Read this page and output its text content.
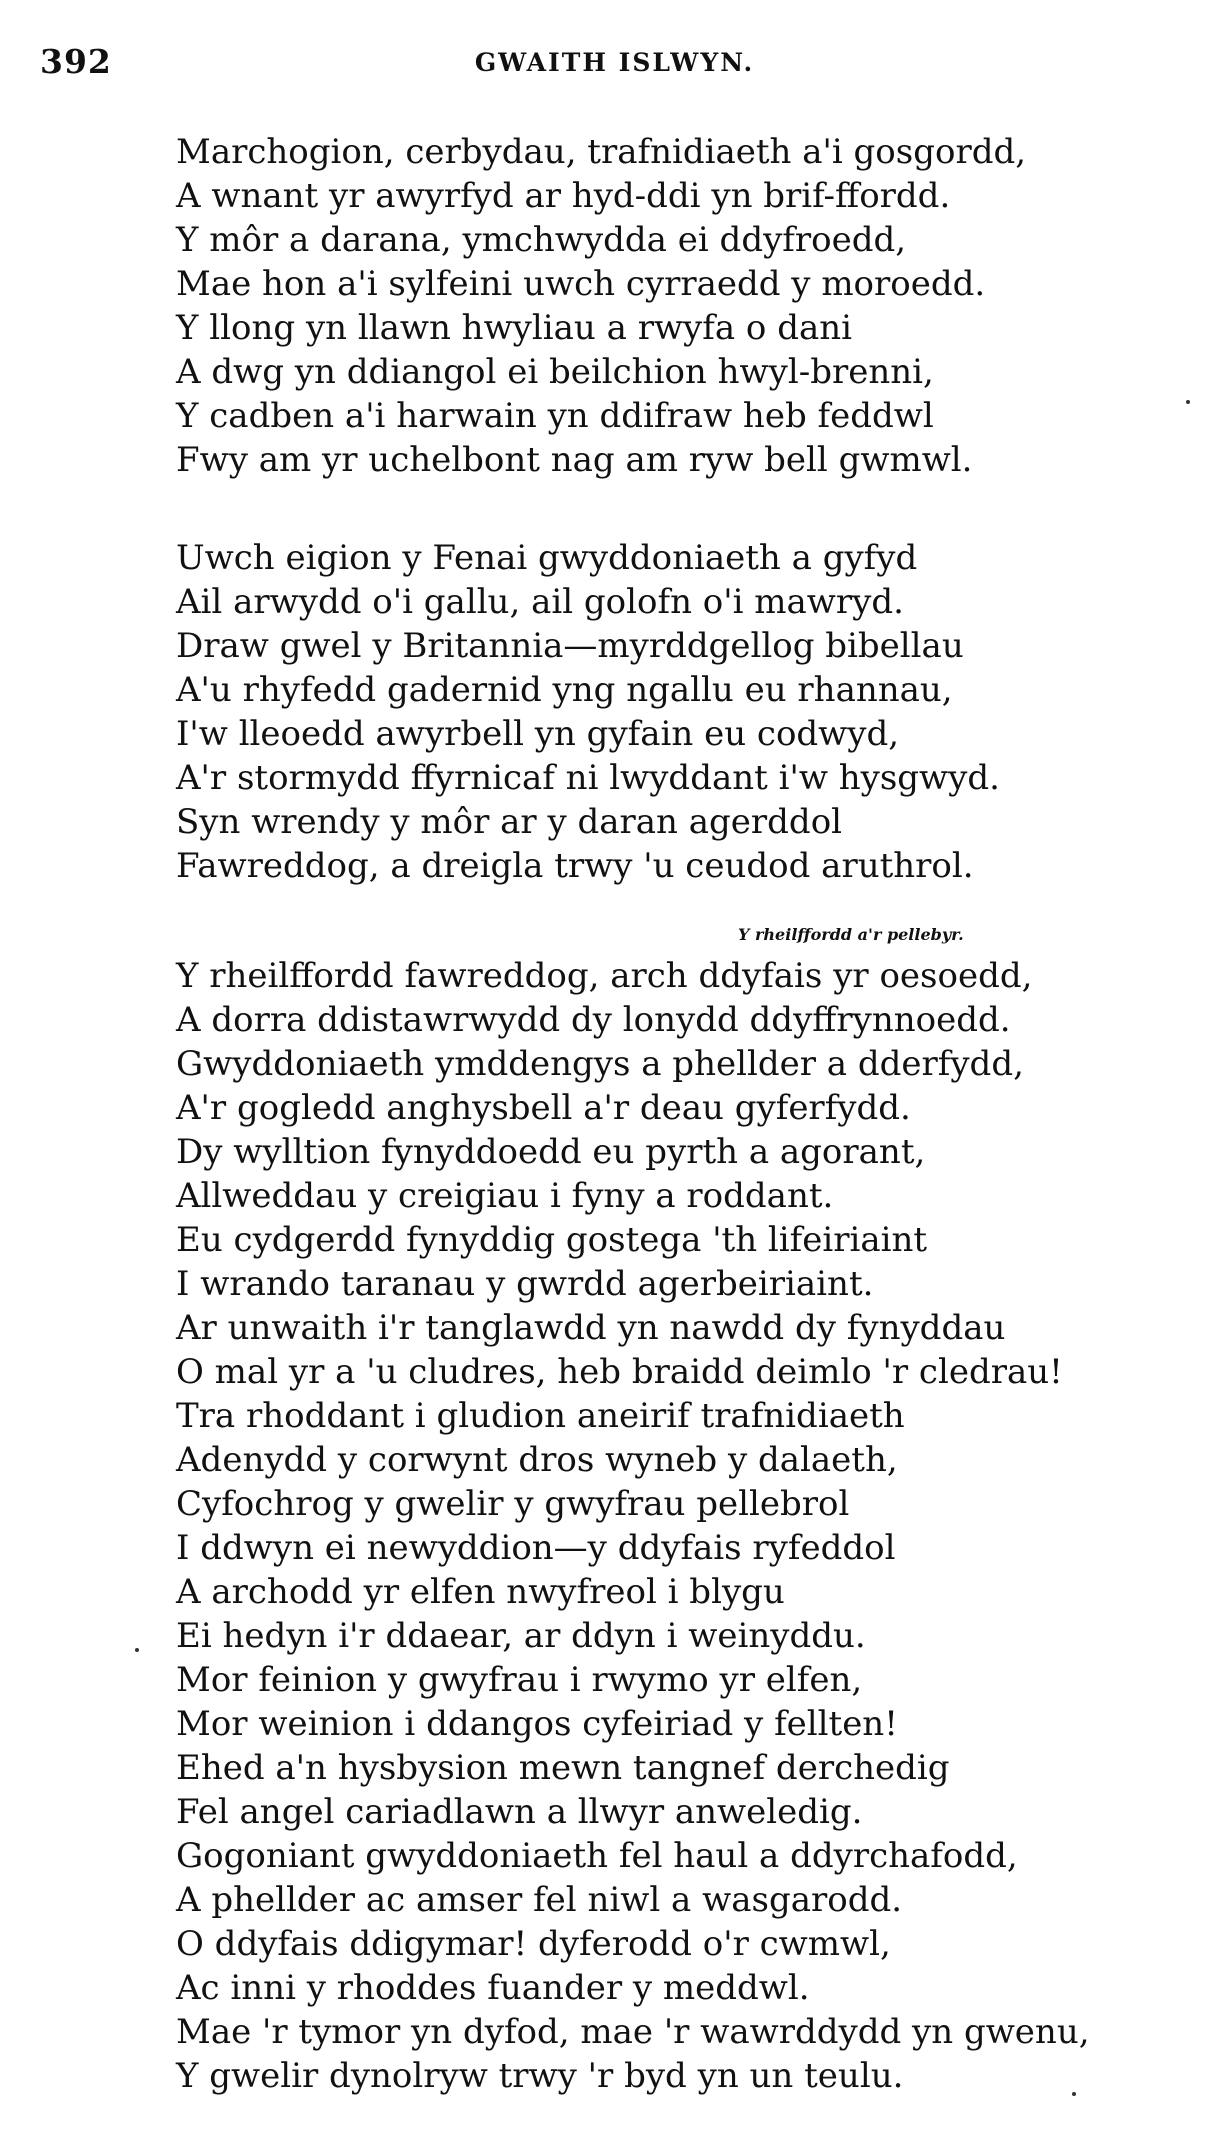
392	GWAITH ISLWYN.
Marchogion, cerbydau, trafnidiaeth a'i gosgordd,
A wnant yr awyrfyd ar hyd-ddi yn brif-ffordd.
Y môr a darana, ymchwydda ei ddyfroedd,
Mae hon a'i sylfeini uwch cyrraedd y moroedd.
Y llong yn llawn hwyliau a rwyfa o dani
A dwg yn ddiangol ei beilchion hwyl-brenni,
Y cadben a'i harwain yn ddifraw heb feddwl
Fwy am yr uchelbont nag am ryw bell gwmwl.
Uwch eigion y Fenai gwyddoniaeth a gyfyd
Ail arwydd o'i gallu, ail golofn o'i mawryd.
Draw gwel y Britannia—myrddgellog bibellau
A'u rhyfedd gadernid yng ngallu eu rhannau,
I'w lleoedd awyrbell yn gyfain eu codwyd,
A'r stormydd ffyrnicaf ni lwyddant i'w hysgwyd.
Syn wrendy y môr ar y daran agerddol
Fawreddog, a dreigla trwy 'u ceudod aruthrol.
Y rheilffordd a'r pellebyr.
Y rheilffordd fawreddog, arch ddyfais yr oesoedd,
A dorra ddistawrwydd dy lonydd ddyffrynnoedd.
Gwyddoniaeth ymddengys a phellder a dderfydd,
A'r gogledd anghysbell a'r deau gyferfydd.
Dy wylltion fynyddoedd eu pyrth a agorant,
Allweddau y creigiau i fyny a roddant.
Eu cydgerdd fynyddig gostega 'th lifeiriaint
I wrando taranau y gwrdd agerbeiriaint.
Ar unwaith i'r tanglawdd yn nawdd dy fynyddau
O mal yr a 'u cludres, heb braidd deimlo 'r cledrau!
Tra rhoddant i gludion aneirif trafnidiaeth
Adenydd y corwynt dros wyneb y dalaeth,
Cyfochrog y gwelir y gwyfrau pellebrol
I ddwyn ei newyddion—y ddyfais ryfeddol
A archodd yr elfen nwyfreol i blygu
Ei hedyn i'r ddaear, ar ddyn i weinyddu.
Mor feinion y gwyfrau i rwymo yr elfen,
Mor weinion i ddangos cyfeiriad y fellten!
Ehed a'n hysbysion mewn tangnef derchedig
Fel angel cariadlawn a llwyr anweledig.
Gogoniant gwyddoniaeth fel haul a ddyrchafodd,
A phellder ac amser fel niwl a wasgarodd.
O ddyfais ddigymar! dyferodd o'r cwmwl,
Ac inni y rhoddes fuander y meddwl.
Mae 'r tymor yn dyfod, mae 'r wawrddydd yn gwenu,
Y gwelir dynolryw trwy 'r byd yn un teulu.
